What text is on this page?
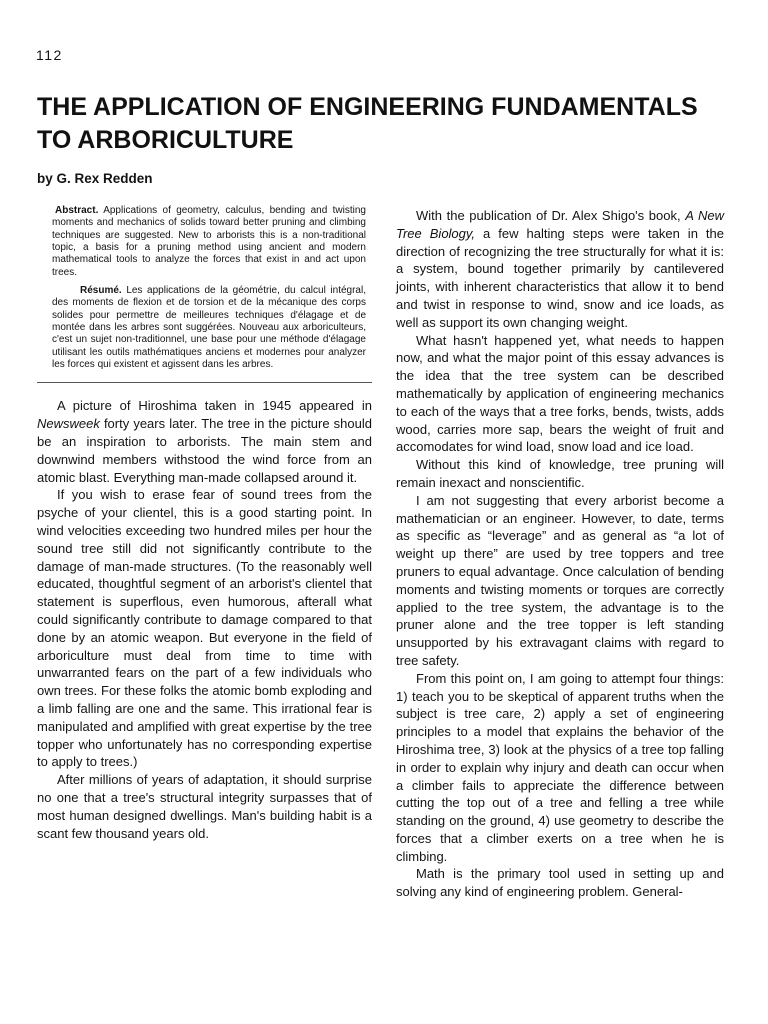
112
THE APPLICATION OF ENGINEERING FUNDAMENTALS
TO ARBORICULTURE

by G. Rex Redden

Abstract. Applications of geometry, calculus, bending and twisting moments and mechanics of solids toward better pruning and climbing techniques are suggested. New to arborists this is a non-traditional topic, a basis for a pruning method using ancient and modern mathematical tools to analyze the forces that exist in and act upon trees.

Résumé. Les applications de la géométrie, du calcul intégral, des moments de flexion et de torsion et de la mécanique des corps solides pour permettre de meilleures techniques d'élagage et de montée dans les arbres sont suggérées. Nouveau aux arboriculteurs, c'est un sujet non-traditionnel, une base pour une méthode d'élagage utilisant les outils mathématiques anciens et modernes pour analyzer les forces qui existent et agissent dans les arbres.

A picture of Hiroshima taken in 1945 appeared in Newsweek forty years later. The tree in the picture should be an inspiration to arborists. The main stem and downwind members withstood the wind force from an atomic blast. Everything man-made collapsed around it.

If you wish to erase fear of sound trees from the psyche of your clientel, this is a good starting point. In wind velocities exceeding two hundred miles per hour the sound tree still did not significantly contribute to the damage of man-made structures. (To the reasonably well educated, thoughtful segment of an arborist's clientel that statement is superflous, even humorous, afterall what could significantly contribute to damage compared to that done by an atomic weapon. But everyone in the field of arboriculture must deal from time to time with unwarranted fears on the part of a few individuals who own trees. For these folks the atomic bomb exploding and a limb falling are one and the same. This irrational fear is manipulated and amplified with great expertise by the tree topper who unfortunately has no corresponding expertise to apply to trees.)

After millions of years of adaptation, it should surprise no one that a tree's structural integrity surpasses that of most human designed dwellings. Man's building habit is a scant few thousand years old.

With the publication of Dr. Alex Shigo's book, A New Tree Biology, a few halting steps were taken in the direction of recognizing the tree structurally for what it is: a system, bound together primarily by cantilevered joints, with inherent characteristics that allow it to bend and twist in response to wind, snow and ice loads, as well as support its own changing weight.

What hasn't happened yet, what needs to happen now, and what the major point of this essay advances is the idea that the tree system can be described mathematically by application of engineering mechanics to each of the ways that a tree forks, bends, twists, adds wood, carries more sap, bears the weight of fruit and accomodates for wind load, snow load and ice load.

Without this kind of knowledge, tree pruning will remain inexact and nonscientific.

I am not suggesting that every arborist become a mathematician or an engineer. However, to date, terms as specific as “leverage” and as general as “a lot of weight up there” are used by tree toppers and tree pruners to equal advantage. Once calculation of bending moments and twisting moments or torques are correctly applied to the tree system, the advantage is to the pruner alone and the tree topper is left standing unsupported by his extravagant claims with regard to tree safety.

From this point on, I am going to attempt four things: 1) teach you to be skeptical of apparent truths when the subject is tree care, 2) apply a set of engineering principles to a model that explains the behavior of the Hiroshima tree, 3) look at the physics of a tree top falling in order to explain why injury and death can occur when a climber fails to appreciate the difference between cutting the top out of a tree and felling a tree while standing on the ground, 4) use geometry to describe the forces that a climber exerts on a tree when he is climbing.

Math is the primary tool used in setting up and solving any kind of engineering problem. General-
